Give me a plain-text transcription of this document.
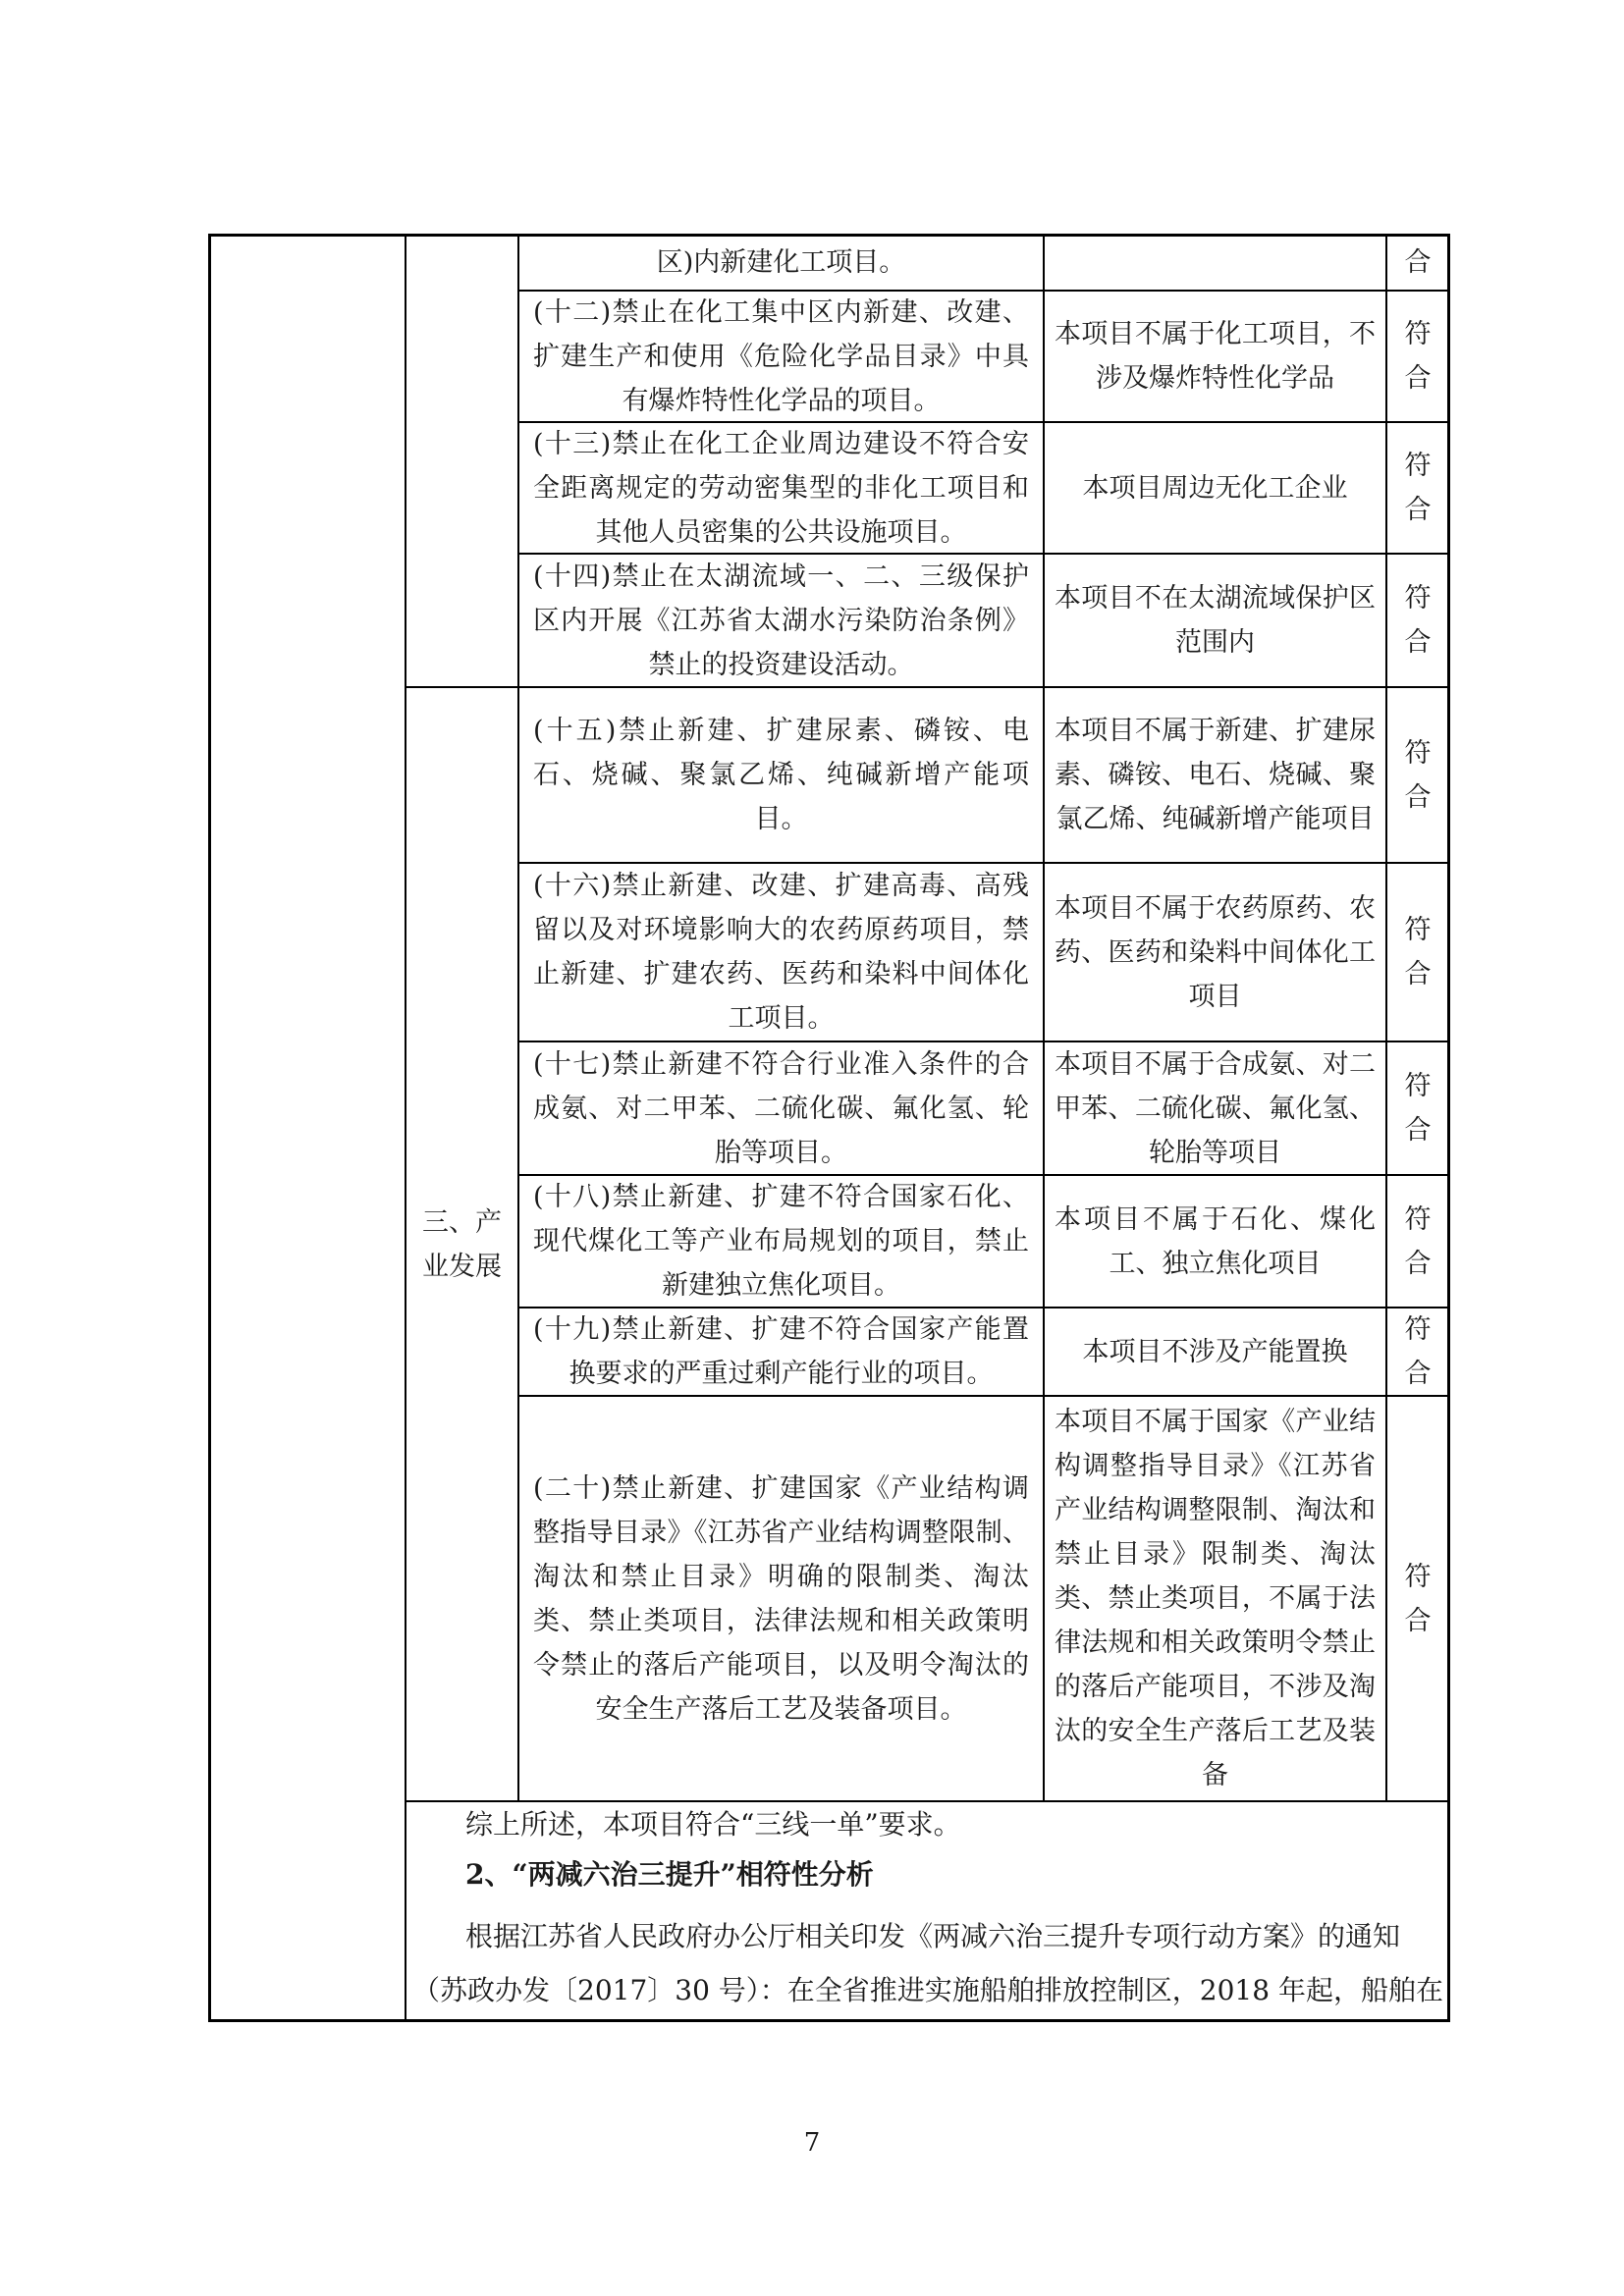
三、产业发展
区)内新建化工项目。	合
(十二)禁止在化工集中区内新建、改建、扩建生产和使用《危险化学品目录》中具有爆炸特性化学品的项目。
本项目不属于化工项目，不涉及爆炸特性化学品
符合
(十三)禁止在化工企业周边建设不符合安全距离规定的劳动密集型的非化工项目和其他人员密集的公共设施项目。
本项目周边无化工企业
符合
(十四)禁止在太湖流域一、二、三级保护区内开展《江苏省太湖水污染防治条例》禁止的投资建设活动。
本项目不在太湖流域保护区范围内
符合
(十五)禁止新建、扩建尿素、磷铵、电石、烧碱、聚氯乙烯、纯碱新增产能项目。
本项目不属于新建、扩建尿素、磷铵、电石、烧碱、聚氯乙烯、纯碱新增产能项目
符合
(十六)禁止新建、改建、扩建高毒、高残留以及对环境影响大的农药原药项目，禁止新建、扩建农药、医药和染料中间体化工项目。
本项目不属于农药原药、农药、医药和染料中间体化工项目
符合
(十七)禁止新建不符合行业准入条件的合成氨、对二甲苯、二硫化碳、氟化氢、轮胎等项目。
本项目不属于合成氨、对二甲苯、二硫化碳、氟化氢、轮胎等项目
符合
(十八)禁止新建、扩建不符合国家石化、现代煤化工等产业布局规划的项目，禁止新建独立焦化项目。
本项目不属于石化、煤化工、独立焦化项目
符合
(十九)禁止新建、扩建不符合国家产能置换要求的严重过剩产能行业的项目。
本项目不涉及产能置换
符合
(二十)禁止新建、扩建国家《产业结构调整指导目录》《江苏省产业结构调整限制、淘汰和禁止目录》明确的限制类、淘汰类、禁止类项目，法律法规和相关政策明令禁止的落后产能项目，以及明令淘汰的安全生产落后工艺及装备项目。
本项目不属于国家《产业结构调整指导目录》《江苏省产业结构调整限制、淘汰和禁止目录》限制类、淘汰类、禁止类项目，不属于法律法规和相关政策明令禁止的落后产能项目，不涉及淘汰的安全生产落后工艺及装备
符合
综上所述，本项目符合“三线一单”要求。
2、“两减六治三提升”相符性分析
根据江苏省人民政府办公厅相关印发《两减六治三提升专项行动方案》的通知
（苏政办发〔2017〕30 号）：在全省推进实施船舶排放控制区，2018 年起，船舶在
7
